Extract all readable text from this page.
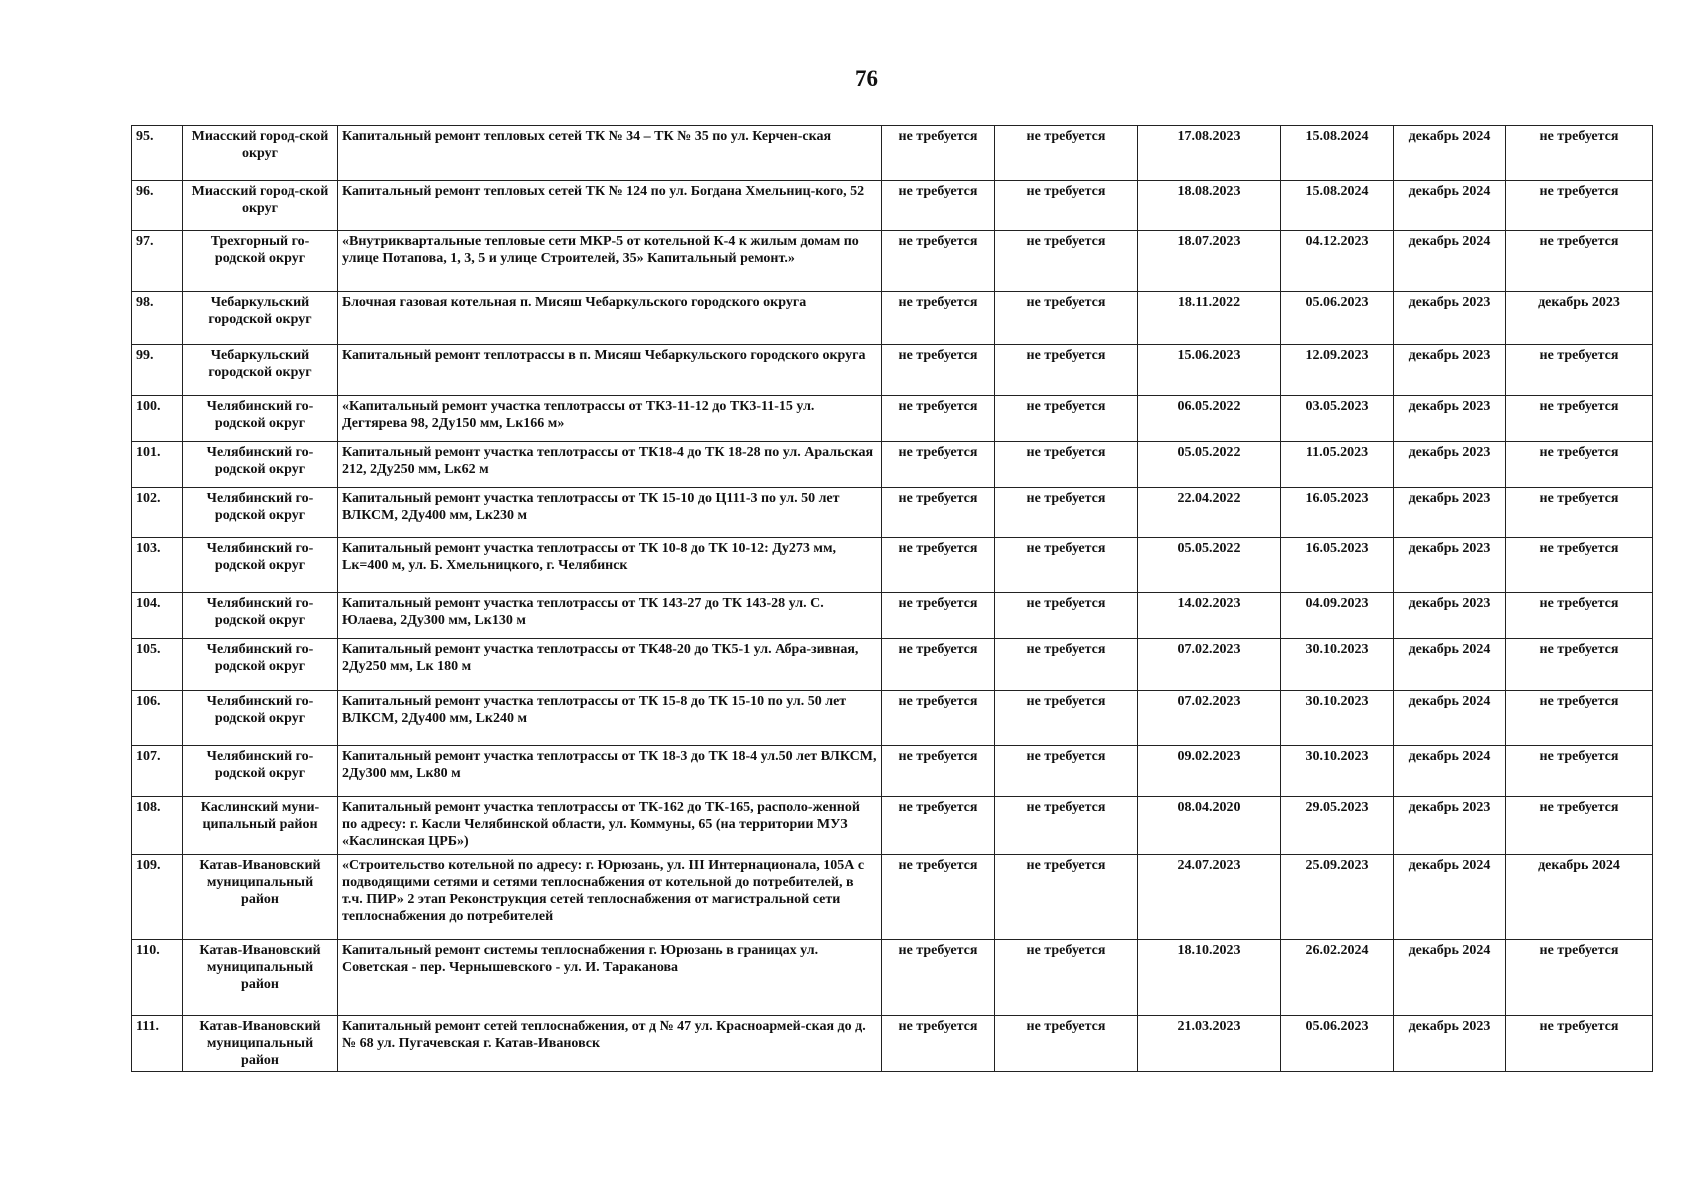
76
95.	Миасский город-ской округ	Капитальный ремонт тепловых сетей ТК № 34 – ТК № 35 по ул. Керчен-ская	не требуется	не требуется	17.08.2023	15.08.2024	декабрь 2024	не требуется
96.	Миасский город-ской округ	Капитальный ремонт тепловых сетей ТК № 124 по ул. Богдана Хмельниц-кого, 52	не требуется	не требуется	18.08.2023	15.08.2024	декабрь 2024	не требуется
97.	Трехгорный го-родской округ	«Внутриквартальные тепловые сети МКР-5 от котельной К-4 к жилым домам по улице Потапова, 1, 3, 5 и улице Строителей, 35» Капитальный ремонт.»	не требуется	не требуется	18.07.2023	04.12.2023	декабрь 2024	не требуется
98.	Чебаркульский городской округ	Блочная газовая котельная п. Мисяш Чебаркульского городского округа	не требуется	не требуется	18.11.2022	05.06.2023	декабрь 2023	декабрь 2023
99.	Чебаркульский городской округ	Капитальный ремонт теплотрассы в п. Мисяш Чебаркульского городского округа	не требуется	не требуется	15.06.2023	12.09.2023	декабрь 2023	не требуется
100.	Челябинский го-родской округ	«Капитальный ремонт участка теплотрассы от ТК3-11-12 до ТК3-11-15 ул. Дегтярева 98, 2Ду150 мм, Lк166 м»	не требуется	не требуется	06.05.2022	03.05.2023	декабрь 2023	не требуется
101.	Челябинский го-родской округ	Капитальный ремонт участка теплотрассы от ТК18-4 до ТК 18-28 по ул. Аральская 212, 2Ду250 мм, Lк62 м	не требуется	не требуется	05.05.2022	11.05.2023	декабрь 2023	не требуется
102.	Челябинский го-родской округ	Капитальный ремонт участка теплотрассы от ТК 15-10 до Ц111-3 по ул. 50 лет ВЛКСМ, 2Ду400 мм, Lк230 м	не требуется	не требуется	22.04.2022	16.05.2023	декабрь 2023	не требуется
103.	Челябинский го-родской округ	Капитальный ремонт участка теплотрассы от ТК 10-8 до ТК 10-12: Ду273 мм, Lк=400 м, ул. Б. Хмельницкого, г. Челябинск	не требуется	не требуется	05.05.2022	16.05.2023	декабрь 2023	не требуется
104.	Челябинский го-родской округ	Капитальный ремонт участка теплотрассы от ТК 143-27 до ТК 143-28 ул. С. Юлаева, 2Ду300 мм, Lк130 м	не требуется	не требуется	14.02.2023	04.09.2023	декабрь 2023	не требуется
105.	Челябинский го-родской округ	Капитальный ремонт участка теплотрассы от ТК48-20 до ТК5-1 ул. Абра-зивная, 2Ду250 мм, Lк 180 м	не требуется	не требуется	07.02.2023	30.10.2023	декабрь 2024	не требуется
106.	Челябинский го-родской округ	Капитальный ремонт участка теплотрассы от ТК 15-8 до ТК 15-10 по ул. 50 лет ВЛКСМ, 2Ду400 мм, Lк240 м	не требуется	не требуется	07.02.2023	30.10.2023	декабрь 2024	не требуется
107.	Челябинский го-родской округ	Капитальный ремонт участка теплотрассы от ТК 18-3 до ТК 18-4 ул.50 лет ВЛКСМ, 2Ду300 мм, Lк80 м	не требуется	не требуется	09.02.2023	30.10.2023	декабрь 2024	не требуется
108.	Каслинский муни-ципальный район	Капитальный ремонт участка теплотрассы от ТК-162 до ТК-165, располо-женной по адресу: г. Касли Челябинской области, ул. Коммуны, 65 (на территории МУЗ «Каслинская ЦРБ»)	не требуется	не требуется	08.04.2020	29.05.2023	декабрь 2023	не требуется
109.	Катав-Ивановский муниципальный район	«Строительство котельной по адресу: г. Юрюзань, ул. III Интернационала, 105А с подводящими сетями и сетями теплоснабжения от котельной до потребителей, в т.ч. ПИР» 2 этап Реконструкция сетей теплоснабжения от магистральной сети теплоснабжения до потребителей	не требуется	не требуется	24.07.2023	25.09.2023	декабрь 2024	декабрь 2024
110.	Катав-Ивановский муниципальный район	Капитальный ремонт системы теплоснабжения г. Юрюзань в границах ул. Советская - пер. Чернышевского - ул. И. Тараканова	не требуется	не требуется	18.10.2023	26.02.2024	декабрь 2024	не требуется
111.	Катав-Ивановский муниципальный район	Капитальный ремонт сетей теплоснабжения, от д № 47 ул. Красноармей-ская до д.№ 68 ул. Пугачевская г. Катав-Ивановск	не требуется	не требуется	21.03.2023	05.06.2023	декабрь 2023	не требуется
